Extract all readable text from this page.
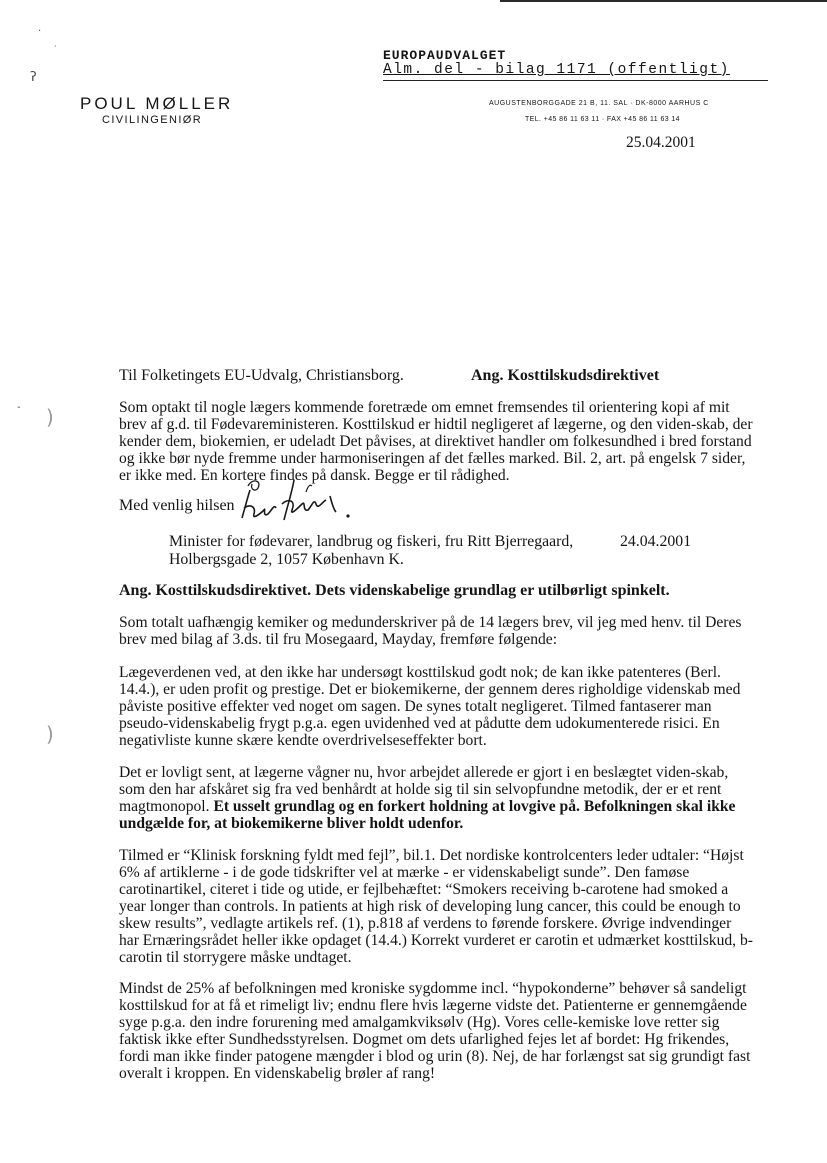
·
·
ʔ
- )
)
EUROPAUDVALGET
Alm. del - bilag 1171 (offentligt)
POUL MØLLER
CIVILINGENIØR
AUGUSTENBORGGADE 21 B, 11. SAL · DK-8000 AARHUS C
TEL. +45 86 11 63 11 · FAX +45 86 11 63 14
25.04.2001
Til Folketingets EU-Udvalg, Christiansborg.	Ang. Kosttilskudsdirektivet
Som optakt til nogle lægers kommende foretræde om emnet fremsendes til orientering kopi af mit brev af g.d. til Fødevareministeren. Kosttilskud er hidtil negligeret af lægerne, og den viden-skab, der kender dem, biokemien, er udeladt Det påvises, at direktivet handler om folkesundhed i bred forstand og ikke bør nyde fremme under harmoniseringen af det fælles marked. Bil. 2, art. på engelsk 7 sider, er ikke med. En kortere findes på dansk. Begge er til rådighed.
Med venlig hilsen
Minister for fødevarer, landbrug og fiskeri, fru Ritt Bjerregaard,
Holbergsgade 2, 1057 København K.
24.04.2001
Ang. Kosttilskudsdirektivet. Dets videnskabelige grundlag er utilbørligt spinkelt.
Som totalt uafhængig kemiker og medunderskriver på de 14 lægers brev, vil jeg med henv. til Deres brev med bilag af 3.ds. til fru Mosegaard, Mayday, fremføre følgende:
Lægeverdenen ved, at den ikke har undersøgt kosttilskud godt nok; de kan ikke patenteres (Berl. 14.4.), er uden profit og prestige. Det er biokemikerne, der gennem deres righoldige videnskab med påviste positive effekter ved noget om sagen. De synes totalt negligeret. Tilmed fantaserer man pseudo-videnskabelig frygt p.g.a. egen uvidenhed ved at pådutte dem udokumenterede risici. En negativliste kunne skære kendte overdrivelseseffekter bort.
Det er lovligt sent, at lægerne vågner nu, hvor arbejdet allerede er gjort i en beslægtet viden-skab, som den har afskåret sig fra ved benhårdt at holde sig til sin selvopfundne metodik, der er et rent magtmonopol. Et usselt grundlag og en forkert holdning at lovgive på. Befolkningen skal ikke undgælde for, at biokemikerne bliver holdt udenfor.
Tilmed er “Klinisk forskning fyldt med fejl”, bil.1. Det nordiske kontrolcenters leder udtaler: “Højst 6% af artiklerne - i de gode tidskrifter vel at mærke - er videnskabeligt sunde”. Den famøse carotinartikel, citeret i tide og utide, er fejlbehæftet: “Smokers receiving b-carotene had smoked a year longer than controls. In patients at high risk of developing lung cancer, this could be enough to skew results”, vedlagte artikels ref. (1), p.818 af verdens to førende forskere. Øvrige indvendinger har Ernæringsrådet heller ikke opdaget (14.4.) Korrekt vurderet er carotin et udmærket kosttilskud, b-carotin til storrygere måske undtaget.
Mindst de 25% af befolkningen med kroniske sygdomme incl. “hypokonderne” behøver så sandeligt kosttilskud for at få et rimeligt liv; endnu flere hvis lægerne vidste det. Patienterne er gennemgående syge p.g.a. den indre forurening med amalgamkviksølv (Hg). Vores celle-kemiske love retter sig faktisk ikke efter Sundhedsstyrelsen. Dogmet om dets ufarlighed fejes let af bordet: Hg frikendes, fordi man ikke finder patogene mængder i blod og urin (8). Nej, de har forlængst sat sig grundigt fast overalt i kroppen. En videnskabelig brøler af rang!
